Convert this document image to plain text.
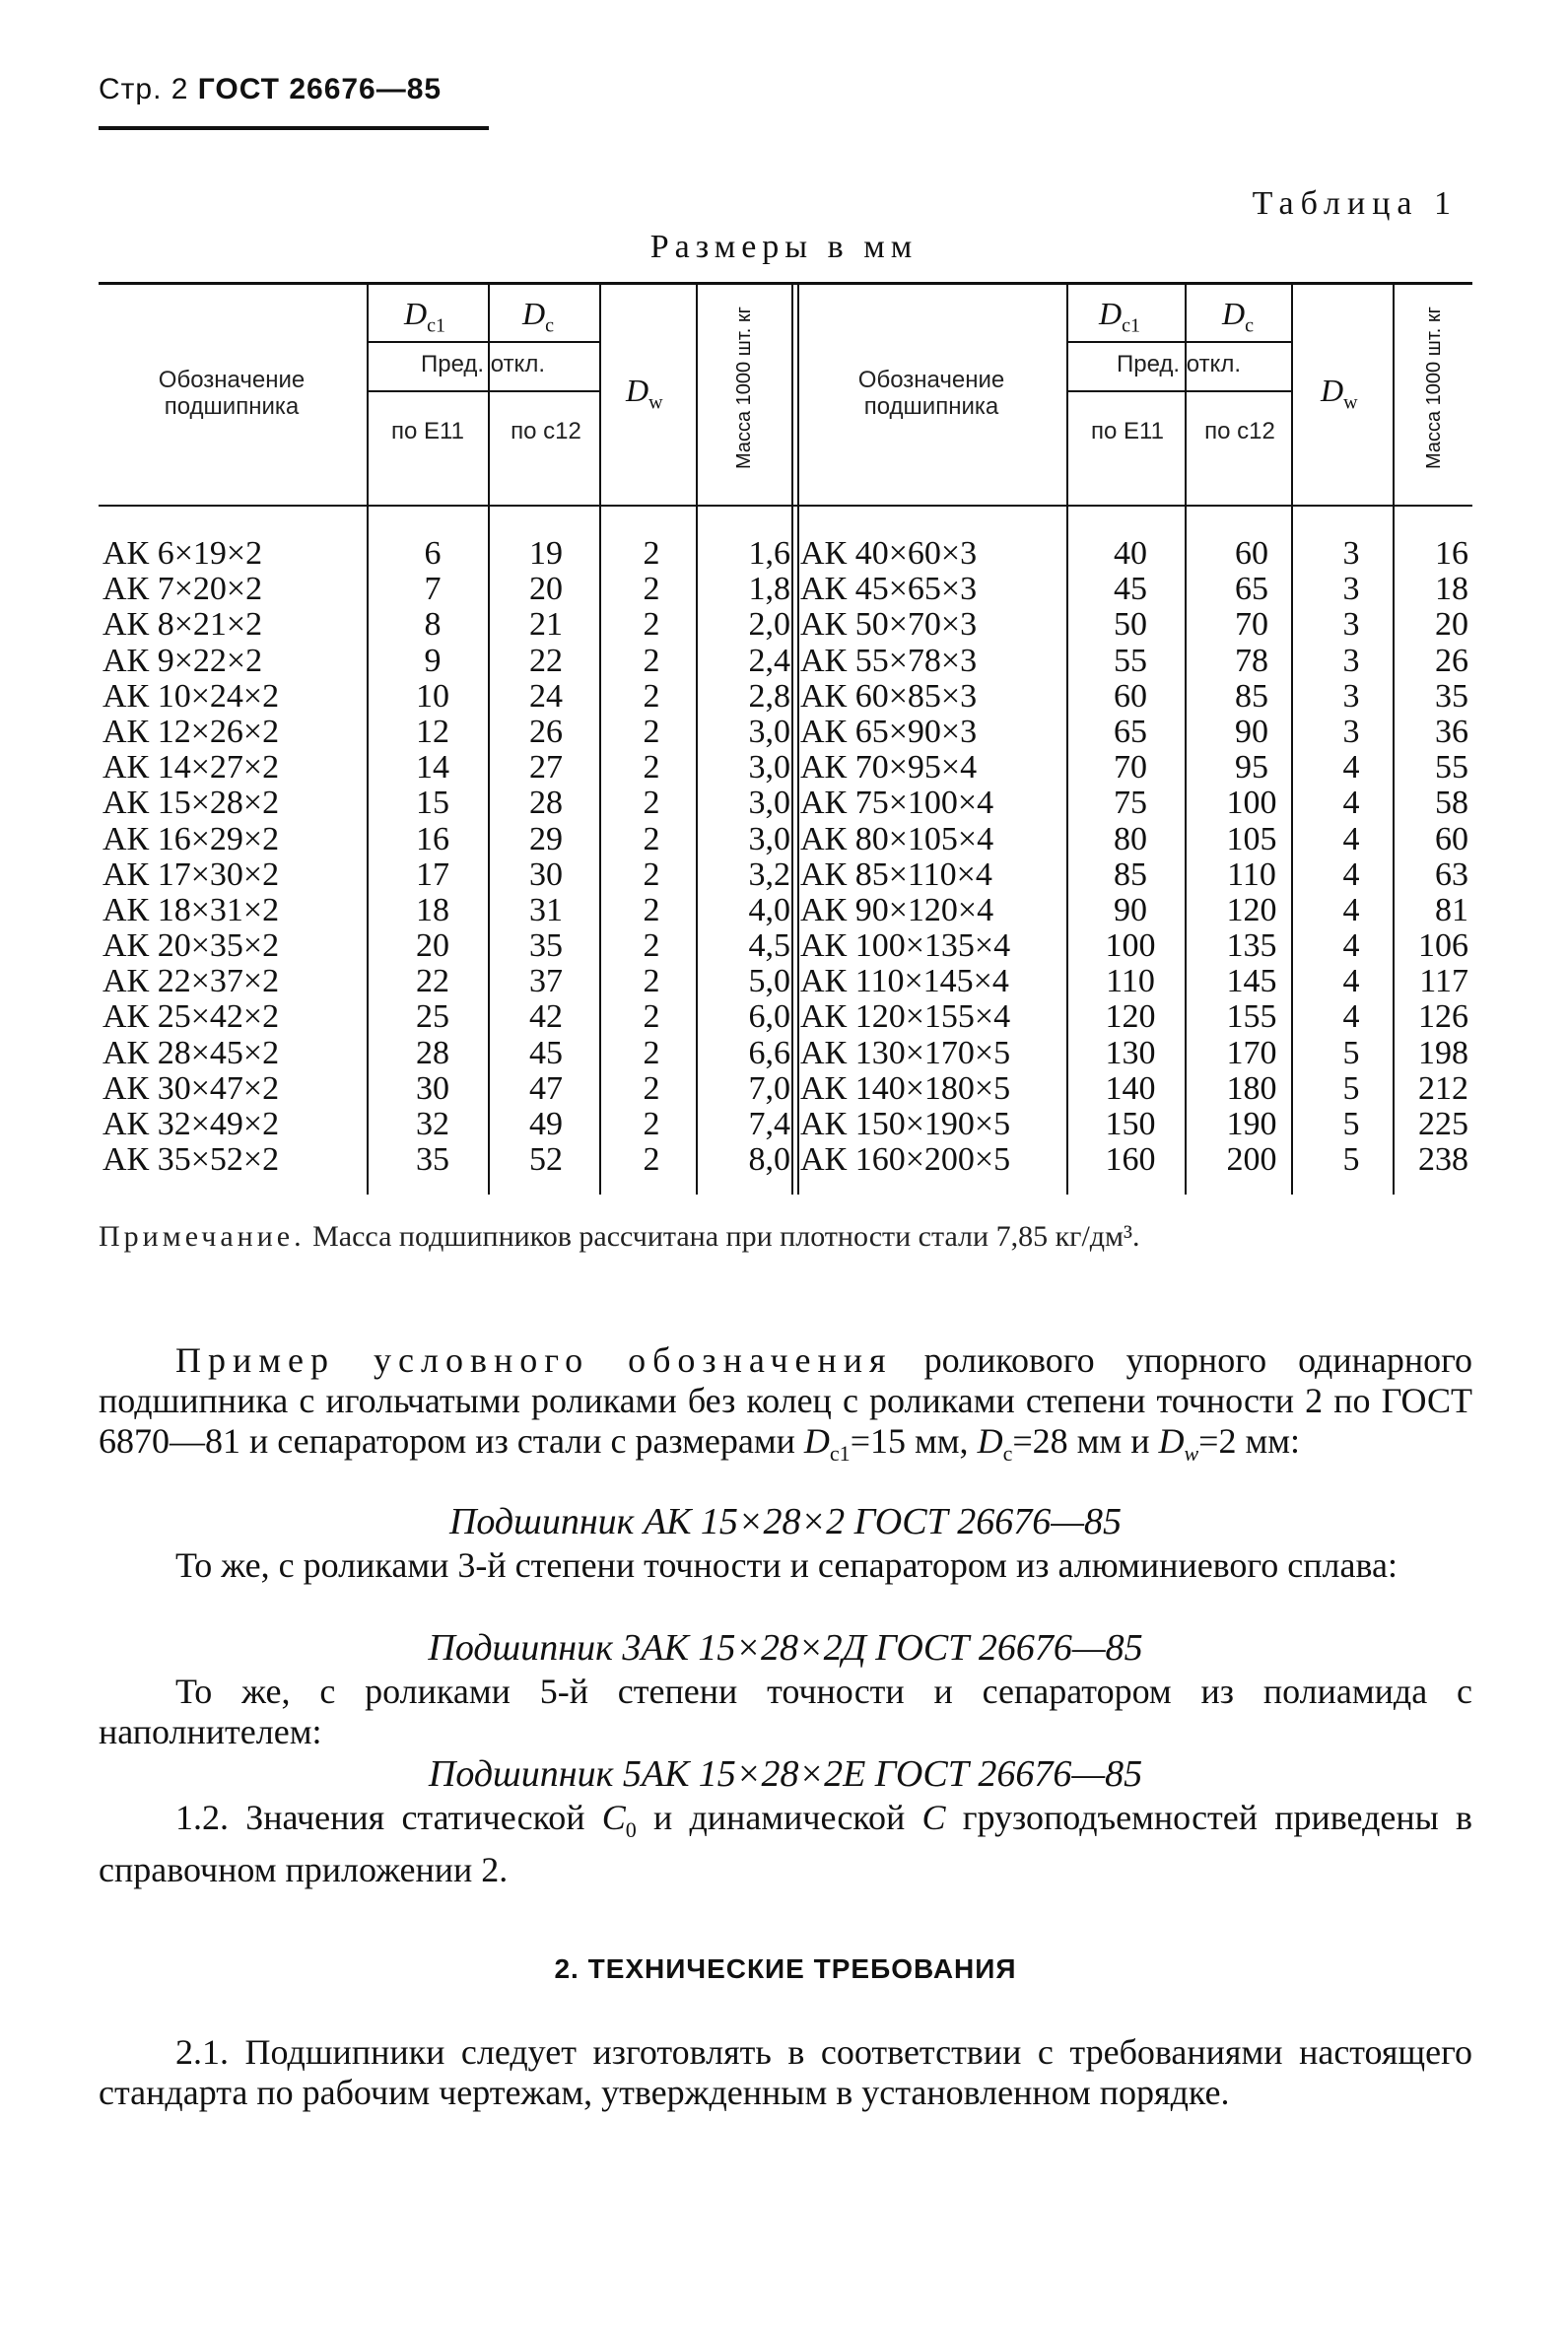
Стр. 2 ГОСТ 26676—85
Таблица 1
Размеры в мм
Обозначение подшипника
$D_{c1}$ $D_c$
Пред. откл.
по E11	по c12
$D_w$	Масса 1000 шт. кг	Обозначение подшипника
$D_{c1}$	$D_c$
Пред. откл.
по E11	по c12
$D_w$	Масса 1000 шт. кг
АК 6×19×2	6	19	2	1,6 АК 40×60×3	40	60	3	16
АК 7×20×2	7	20	2	1,8 АК 45×65×3	45	65	3	18
АК 8×21×2	8	21	2	2,0 АК 50×70×3	50	70	3	20
АК 9×22×2	9	22	2	2,4 АК 55×78×3	55	78	3	26
АК 10×24×2	10	24	2	2,8 АК 60×85×3	60	85	3	35
АК 12×26×2	12	26	2	3,0 АК 65×90×3	65	90	3	36
АК 14×27×2	14	27	2	3,0 АК 70×95×4	70	95	4	55
АК 15×28×2	15	28	2	3,0 АК 75×100×4	75	100	4	58
АК 16×29×2	16	29	2	3,0 АК 80×105×4	80	105	4	60
АК 17×30×2	17	30	2	3,2 АК 85×110×4	85	110	4	63
АК 18×31×2	18	31	2	4,0 АК 90×120×4	90	120	4	81
АК 20×35×2	20	35	2	4,5 АК 100×135×4	100	135	4	106
АК 22×37×2	22	37	2	5,0 АК 110×145×4	110	145	4	117
АК 25×42×2	25	42	2	6,0 АК 120×155×4	120	155	4	126
АК 28×45×2	28	45	2	6,6 АК 130×170×5	130	170	5	198
АК 30×47×2	30	47	2	7,0 АК 140×180×5	140	180	5	212
АК 32×49×2	32	49	2	7,4 АК 150×190×5	150	190	5	225
АК 35×52×2	35	52	2	8,0 АК 160×200×5	160	200	5	238
Примечание. Масса подшипников рассчитана при плотности стали 7,85 кг/дм³.
Пример условного обозначения роликового упорного одинарного подшипника с игольчатыми роликами без колец с роликами степени точности 2 по ГОСТ 6870—81 и сепаратором из стали с размерами $D_{c1}=15$ мм, $D_c=28$ мм и $D_w=2$ мм:
Подшипник АК 15×28×2 ГОСТ 26676—85
То же, с роликами 3-й степени точности и сепаратором из алюминиевого сплава:
Подшипник 3АК 15×28×2Д ГОСТ 26676—85
То же, с роликами 5-й степени точности и сепаратором из полиамида с наполнителем:
Подшипник 5АК 15×28×2Е ГОСТ 26676—85
1.2. Значения статической $C_0$ и динамической C грузоподъемностей приведены в справочном приложении 2.
2. ТЕХНИЧЕСКИЕ ТРЕБОВАНИЯ
2.1. Подшипники следует изготовлять в соответствии с требованиями настоящего стандарта по рабочим чертежам, утвержденным в установленном порядке.
